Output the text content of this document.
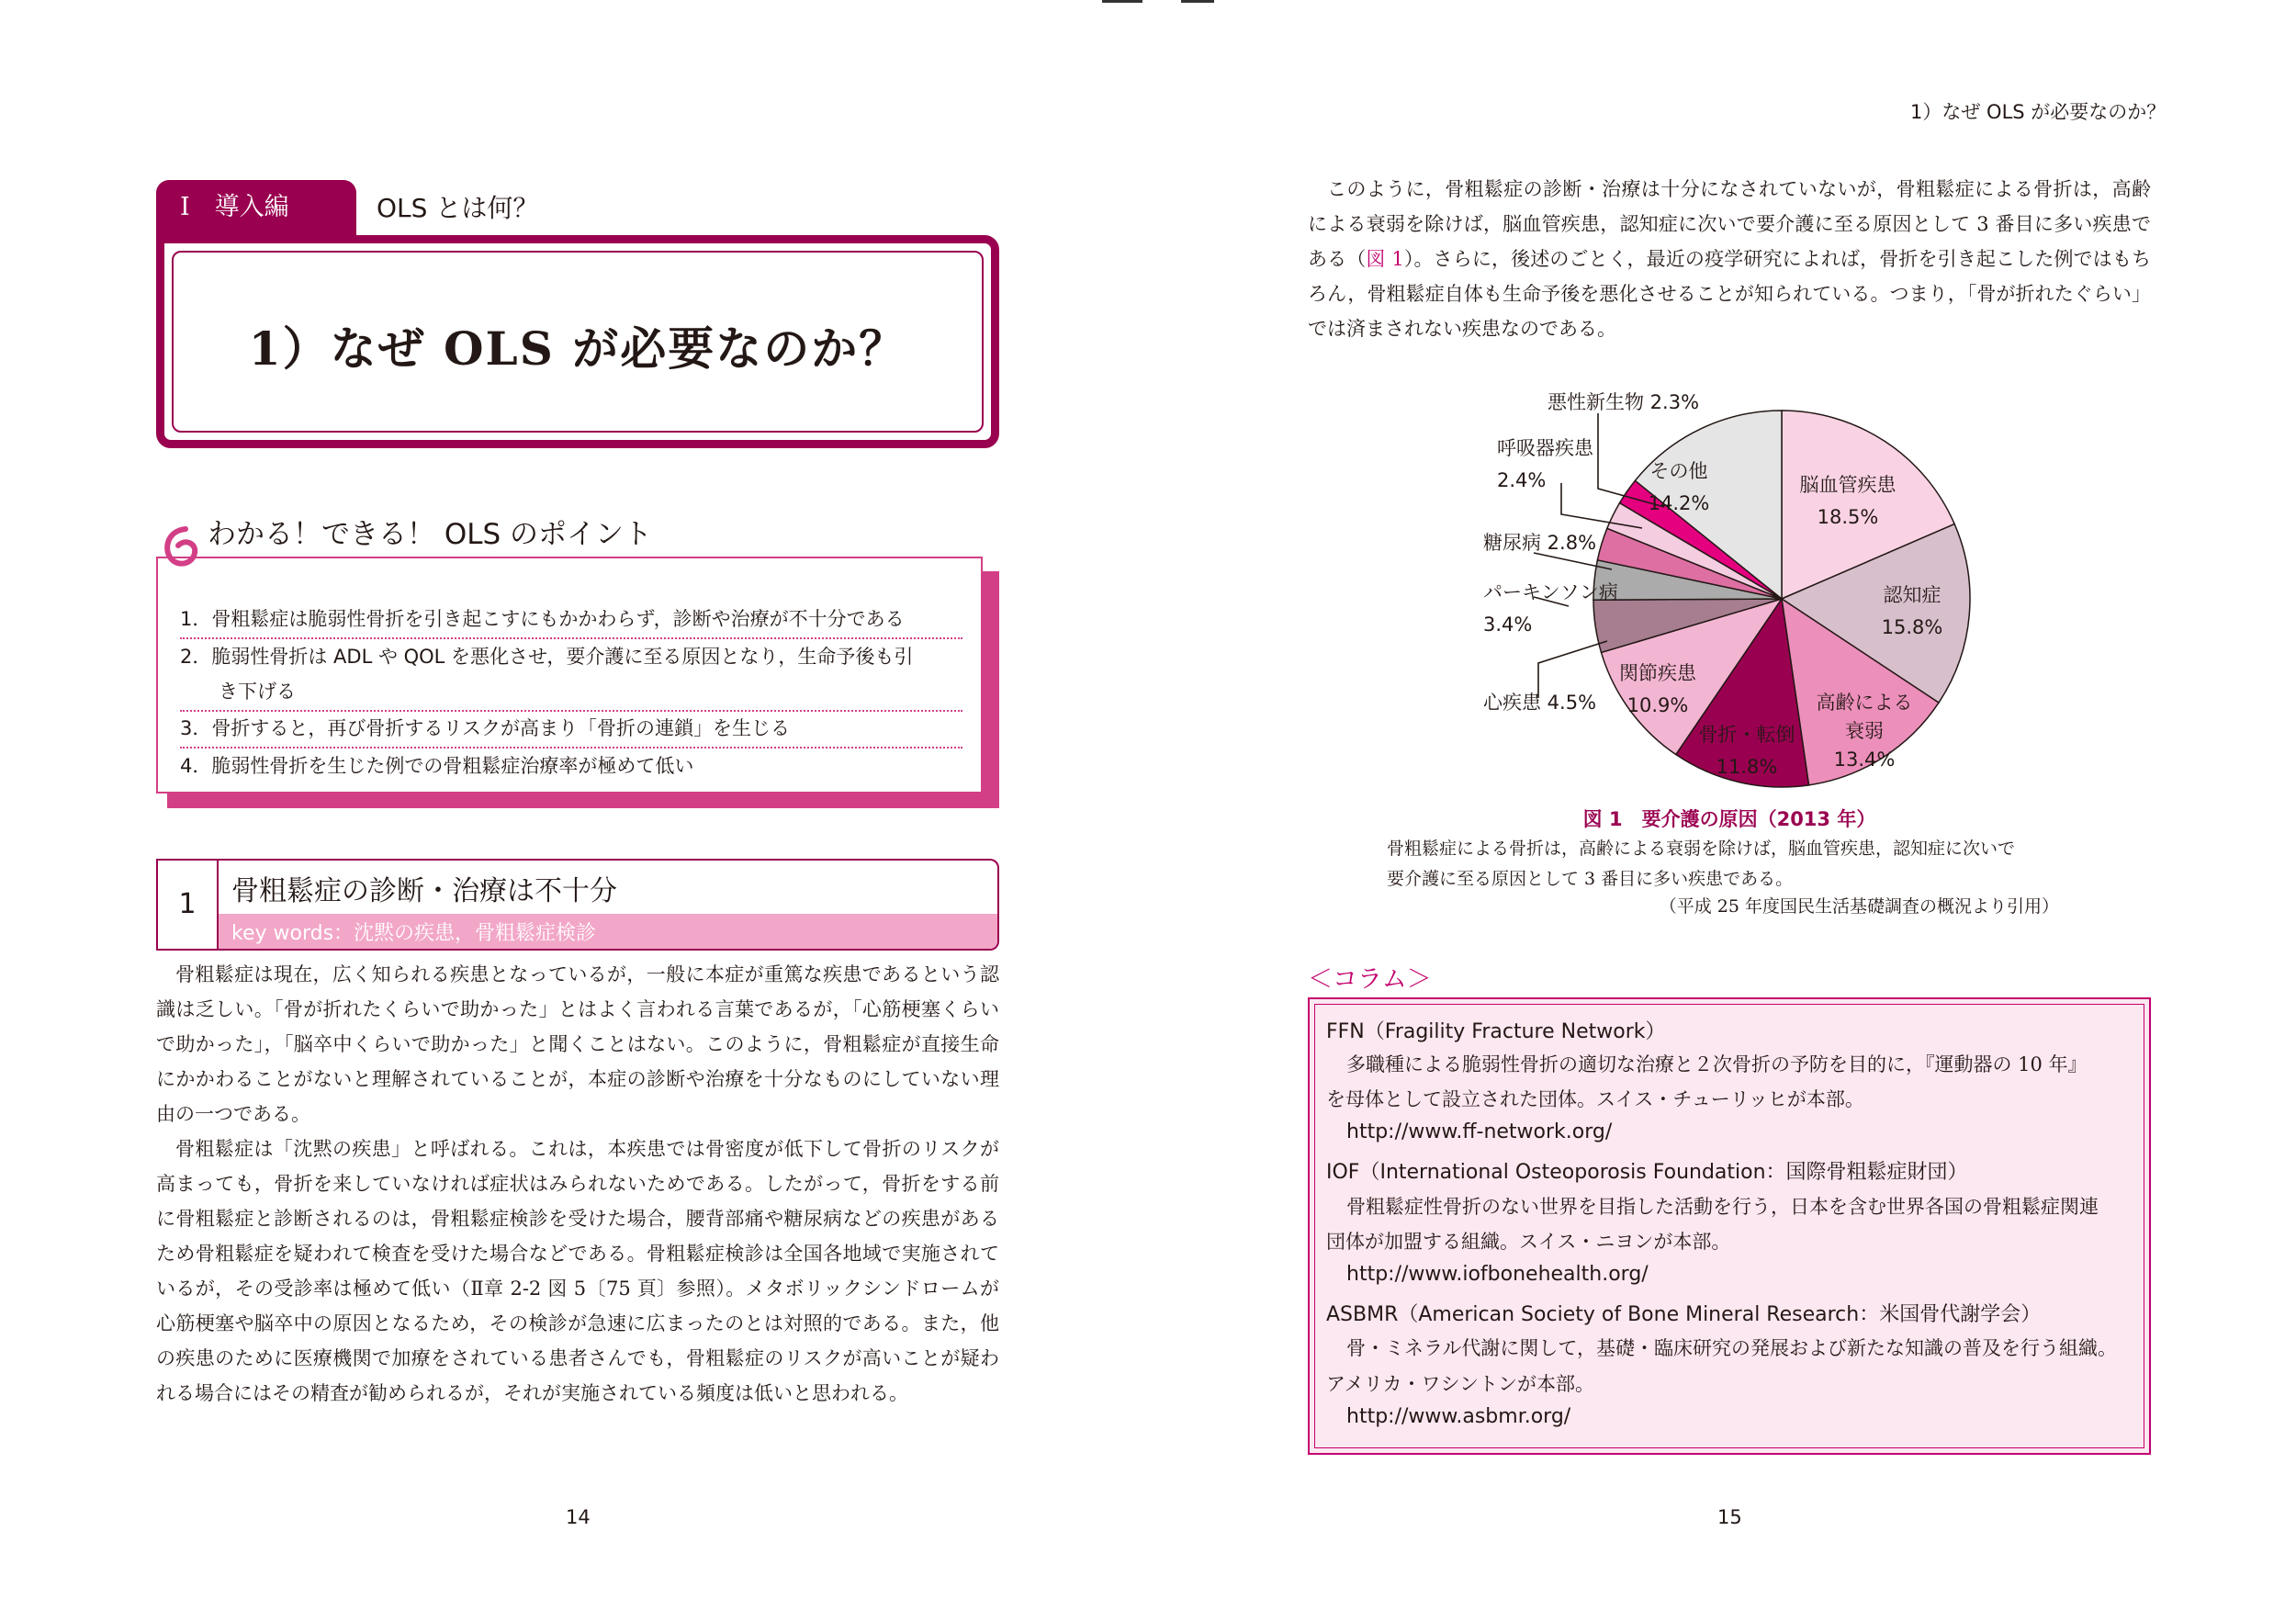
1）なぜ OLS が必要なのか？
Ⅰ　導入編	OLS とは何？
1）なぜ OLS が必要なのか？
わかる！できる！ OLS のポイント
1．骨粗鬆症は脆弱性骨折を引き起こすにもかかわらず，診断や治療が不十分である
2．脆弱性骨折は ADL や QOL を悪化させ，要介護に至る原因となり，生命予後も引
き下げる
3．骨折すると，再び骨折するリスクが高まり「骨折の連鎖」を生じる
4．脆弱性骨折を生じた例での骨粗鬆症治療率が極めて低い
1	骨粗鬆症の診断・治療は不十分
key words：沈黙の疾患，骨粗鬆症検診

骨粗鬆症は現在，広く知られる疾患となっているが，一般に本症が重篤な疾患であるという認識は乏しい。「骨が折れたくらいで助かった」とはよく言われる言葉であるが，「心筋梗塞くらいで助かった」，「脳卒中くらいで助かった」と聞くことはない。このように，骨粗鬆症が直接生命にかかわることがないと理解されていることが，本症の診断や治療を十分なものにしていない理由の一つである。

骨粗鬆症は「沈黙の疾患」と呼ばれる。これは，本疾患では骨密度が低下して骨折のリスクが高まっても，骨折を来していなければ症状はみられないためである。したがって，骨折をする前に骨粗鬆症と診断されるのは，骨粗鬆症検診を受けた場合，腰背部痛や糖尿病などの疾患があるため骨粗鬆症を疑われて検査を受けた場合などである。骨粗鬆症検診は全国各地域で実施されているが，その受診率は極めて低い（Ⅱ章 2-2 図 5〔75 頁〕参照）。メタボリックシンドロームが心筋梗塞や脳卒中の原因となるため，その検診が急速に広まったのとは対照的である。また，他の疾患のために医療機関で加療をされている患者さんでも，骨粗鬆症のリスクが高いことが疑われる場合にはその精査が勧められるが，それが実施されている頻度は低いと思われる。

14

このように，骨粗鬆症の診断・治療は十分になされていないが，骨粗鬆症による骨折は，高齢による衰弱を除けば，脳血管疾患，認知症に次いで要介護に至る原因として 3 番目に多い疾患である（図 1）。さらに，後述のごとく，最近の疫学研究によれば，骨折を引き起こした例ではもちろん，骨粗鬆症自体も生命予後を悪化させることが知られている。つまり，「骨が折れたぐらい」では済まされない疾患なのである。

脳血管疾患
18.5%
認知症
15.8%
高齢による
衰弱
13.4%
骨折・転倒
11.8%
関節疾患
10.9%
心疾患 4.5%
パーキンソン病
3.4%
糖尿病 2.8%
呼吸器疾患
2.4%
悪性新生物 2.3%
その他
14.2%
図 1　要介護の原因（2013 年）
骨粗鬆症による骨折は，高齢による衰弱を除けば，脳血管疾患，認知症に次いで
要介護に至る原因として 3 番目に多い疾患である。
（平成 25 年度国民生活基礎調査の概況より引用）
＜コラム＞
FFN（Fragility Fracture Network）
多職種による脆弱性骨折の適切な治療と２次骨折の予防を目的に，『運動器の 10 年』
を母体として設立された団体。スイス・チューリッヒが本部。
http://www.ff-network.org/
IOF（International Osteoporosis Foundation：国際骨粗鬆症財団）
骨粗鬆症性骨折のない世界を目指した活動を行う，日本を含む世界各国の骨粗鬆症関連
団体が加盟する組織。スイス・ニヨンが本部。
http://www.iofbonehealth.org/
ASBMR（American Society of Bone Mineral Research：米国骨代謝学会）
骨・ミネラル代謝に関して，基礎・臨床研究の発展および新たな知識の普及を行う組織。
アメリカ・ワシントンが本部。
http://www.asbmr.org/
15
